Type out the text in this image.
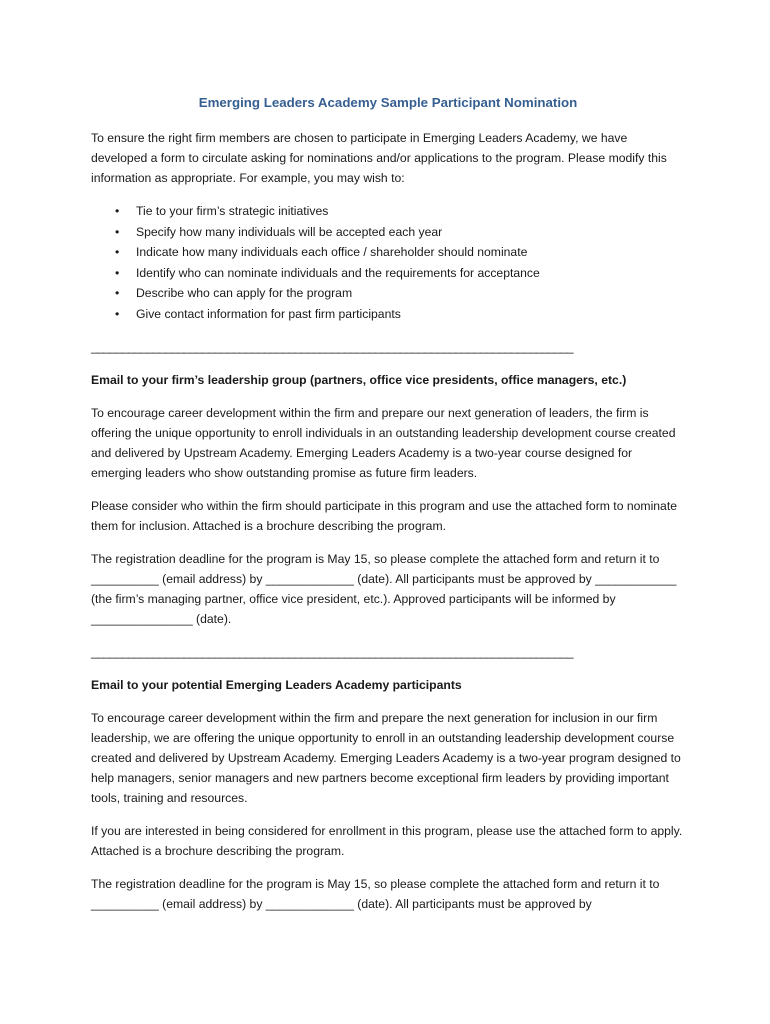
Emerging Leaders Academy Sample Participant Nomination

To ensure the right firm members are chosen to participate in Emerging Leaders Academy, we have developed a form to circulate asking for nominations and/or applications to the program. Please modify this information as appropriate. For example, you may wish to:

• Tie to your firm’s strategic initiatives
• Specify how many individuals will be accepted each year
• Indicate how many individuals each office / shareholder should nominate
• Identify who can nominate individuals and the requirements for acceptance
• Describe who can apply for the program
• Give contact information for past firm participants
______________________________________________________________________________
Email to your firm’s leadership group (partners, office vice presidents, office managers, etc.)

To encourage career development within the firm and prepare our next generation of leaders, the firm is offering the unique opportunity to enroll individuals in an outstanding leadership development course created and delivered by Upstream Academy. Emerging Leaders Academy is a two-year course designed for emerging leaders who show outstanding promise as future firm leaders.

Please consider who within the firm should participate in this program and use the attached form to nominate them for inclusion. Attached is a brochure describing the program.

The registration deadline for the program is May 15, so please complete the attached form and return it to __________ (email address) by _____________ (date). All participants must be approved by ____________ (the firm’s managing partner, office vice president, etc.). Approved participants will be informed by _______________ (date).

______________________________________________________________________________
Email to your potential Emerging Leaders Academy participants

To encourage career development within the firm and prepare the next generation for inclusion in our firm leadership, we are offering the unique opportunity to enroll in an outstanding leadership development course created and delivered by Upstream Academy. Emerging Leaders Academy is a two-year program designed to help managers, senior managers and new partners become exceptional firm leaders by providing important tools, training and resources.

If you are interested in being considered for enrollment in this program, please use the attached form to apply. Attached is a brochure describing the program.

The registration deadline for the program is May 15, so please complete the attached form and return it to __________ (email address) by _____________ (date). All participants must be approved by
